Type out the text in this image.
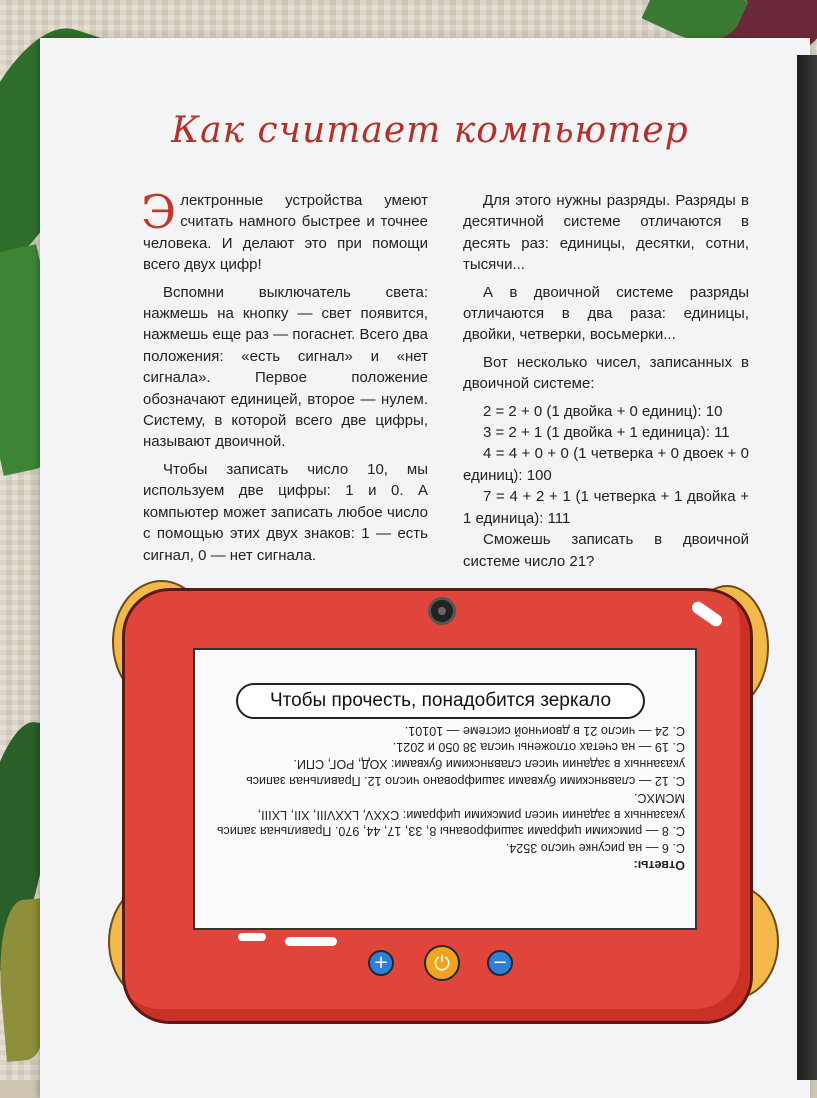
Как считает компьютер

Электронные устройства умеют считать намного быстрее и точнее человека. И делают это при помощи всего двух цифр!

Вспомни выключатель света: нажмешь на кнопку — свет появится, нажмешь еще раз — погаснет. Всего два положения: «есть сигнал» и «нет сигнала». Первое положение обозначают единицей, второе — нулем. Систему, в которой всего две цифры, называют двоичной.

Чтобы записать число 10, мы используем две цифры: 1 и 0. А компьютер может записать любое число с помощью этих двух знаков: 1 — есть сигнал, 0 — нет сигнала.

Для этого нужны разряды. Разряды в десятичной системе отличаются в десять раз: единицы, десятки, сотни, тысячи...

А в двоичной системе разряды отличаются в два раза: единицы, двойки, четверки, восьмерки...

Вот несколько чисел, записанных в двоичной системе:

2 = 2 + 0 (1 двойка + 0 единиц): 10

3 = 2 + 1 (1 двойка + 1 единица): 11

4 = 4 + 0 + 0 (1 четверка + 0 двоек + 0 единиц): 100

7 = 4 + 2 + 1 (1 четверка + 1 двойка + 1 единица): 111

Сможешь записать в двоичной системе число 21?

Чтобы прочесть, понадобится зеркало
Ответы:
С. 6 — на рисунке число 3524.
С. 8 — римскими цифрами зашифрованы 8, 33, 17, 44, 970. Правильная запись указанных в задании чисел римскими цифрами: CXXV, LXXVIII, XII, LXIII, MCMXC.
С. 12 — славянскими буквами зашифровано число 12. Правильная запись указанных в задании чисел славянскими буквами: ХОД, РОГ, СПИ.
С. 19 — на счетах отложены числа 38 050 и 2021.
С. 24 — число 21 в двоичной системе — 10101.
+	⏻	−
